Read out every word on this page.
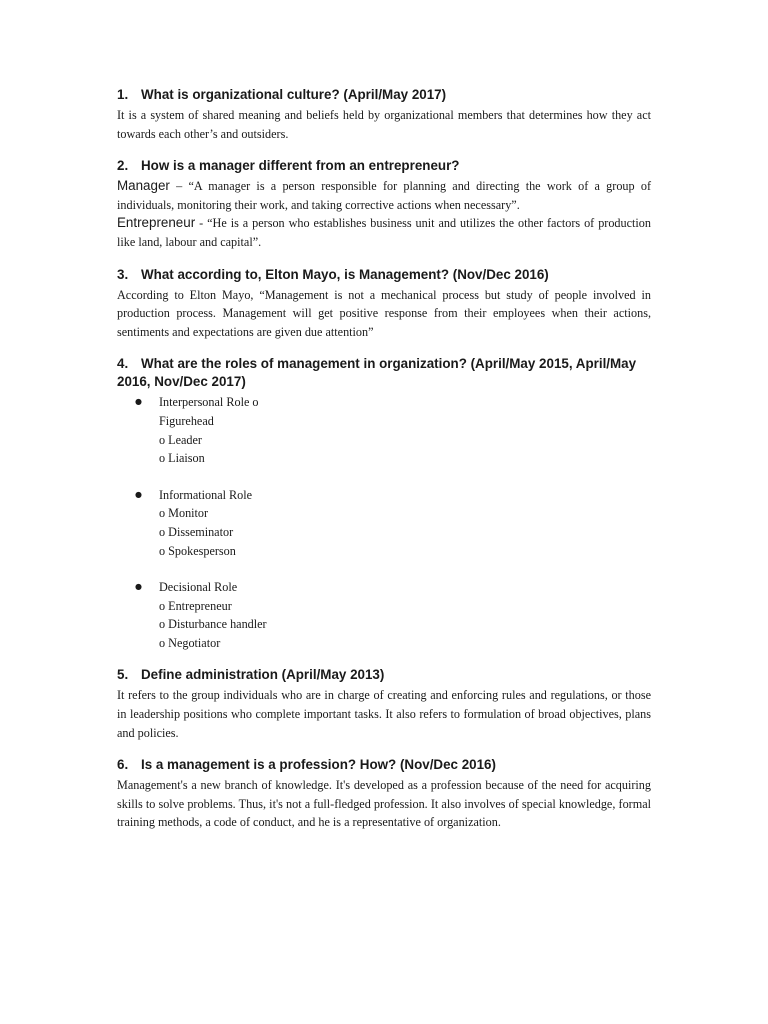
1. What is organizational culture? (April/May 2017)

It is a system of shared meaning and beliefs held by organizational members that determines how they act towards each other’s and outsiders.

2. How is a manager different from an entrepreneur?

Manager – “A manager is a person responsible for planning and directing the work of a group of individuals, monitoring their work, and taking corrective actions when necessary”.

Entrepreneur - “He is a person who establishes business unit and utilizes the other factors of production like land, labour and capital”.

3. What according to, Elton Mayo, is Management? (Nov/Dec 2016)

According to Elton Mayo, “Management is not a mechanical process but study of people involved in production process. Management will get positive response from their employees when their actions, sentiments and expectations are given due attention”

4. What are the roles of management in organization? (April/May 2015, April/May 2016, Nov/Dec 2017)
●	Interpersonal Role o Figurehead
o Leader
o Liaison
●	Informational Role
o Monitor
o Disseminator
o Spokesperson
●	Decisional Role
o Entrepreneur
o Disturbance handler
o Negotiator
5. Define administration (April/May 2013)

It refers to the group individuals who are in charge of creating and enforcing rules and regulations, or those in leadership positions who complete important tasks. It also refers to formulation of broad objectives, plans and policies.

6. Is a management is a profession? How? (Nov/Dec 2016)

Management's a new branch of knowledge. It's developed as a profession because of the need for acquiring skills to solve problems. Thus, it's not a full-fledged profession. It also involves of special knowledge, formal training methods, a code of conduct, and he is a representative of organization.
